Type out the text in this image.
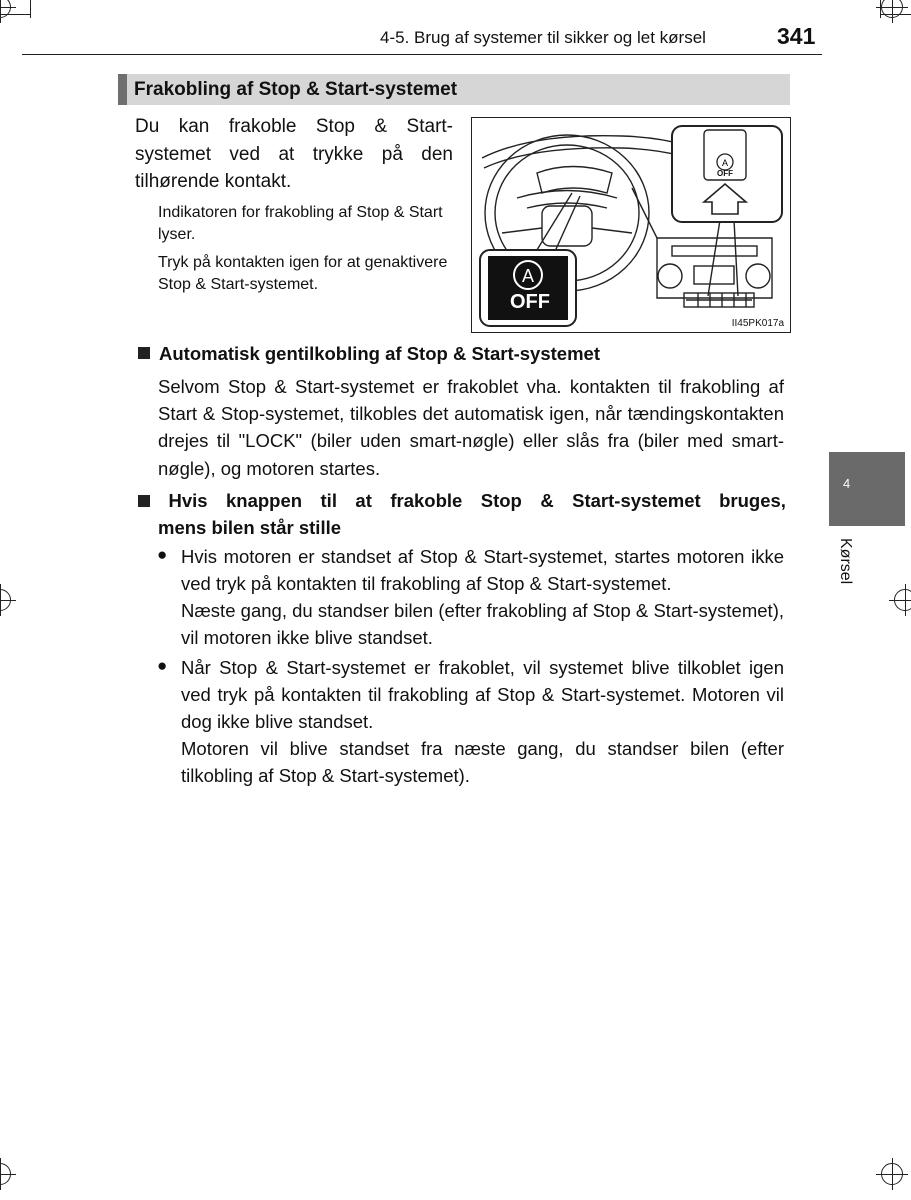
4-5. Brug af systemer til sikker og let kørsel	341
Frakobling af Stop & Start-systemet
Du kan frakoble Stop & Start-systemet ved at trykke på den tilhørende kontakt.
Indikatoren for frakobling af Stop & Start lyser.
Tryk på kontakten igen for at genaktivere Stop & Start-systemet.
A
A
OFF
OFF
II45PK017a
Automatisk gentilkobling af Stop & Start-systemet
Selvom Stop & Start-systemet er frakoblet vha. kontakten til frakobling af Start & Stop-systemet, tilkobles det automatisk igen, når tændingskontakten drejes til "LOCK" (biler uden smart-nøgle) eller slås fra (biler med smart-nøgle), og motoren startes.
Hvis knappen til at frakoble Stop & Start-systemet bruges,
mens bilen står stille
● Hvis motoren er standset af Stop & Start-systemet, startes motoren ikke ved tryk på kontakten til frakobling af Stop & Start-systemet.
Næste gang, du standser bilen (efter frakobling af Stop & Start-systemet), vil motoren ikke blive standset.
● Når Stop & Start-systemet er frakoblet, vil systemet blive tilkoblet igen ved tryk på kontakten til frakobling af Stop & Start-systemet. Motoren vil dog ikke blive standset.
Motoren vil blive standset fra næste gang, du standser bilen (efter tilkobling af Stop & Start-systemet).
4
Kørsel
